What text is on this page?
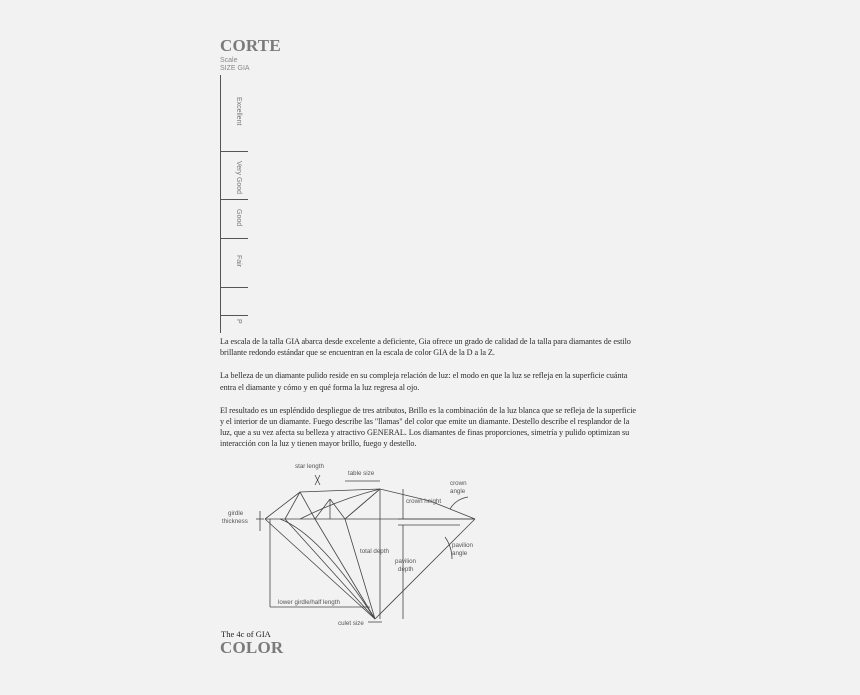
CORTE
Scale
SIZE GIA
Excellent
Very Good
Good
Fair
P

La escala de la talla GIA abarca desde excelente a deficiente, Gia ofrece un grado de calidad de la talla para diamantes de estilo brillante redondo estándar que se encuentran en la escala de color GIA de la D a la Z.

La belleza de un diamante pulido reside en su compleja relación de luz: el modo en que la luz se refleja en la superficie cuánta entra el diamante y cómo y en qué forma la luz regresa al ojo.

El resultado es un espléndido despliegue de tres atributos, Brillo es la combinación de la luz blanca que se refleja de la superficie y el interior de un diamante. Fuego describe las "llamas" del color que emite un diamante. Destello describe el resplandor de la luz, que a su vez afecta su belleza y atractivo GENERAL. Los diamantes de finas proporciones, simetría y pulido optimizan su interacción con la luz y tienen mayor brillo, fuego y destello.

star length
table size
crown
angle
crown height
girdle
thickness
total depth
pavilion
depth
pavilion
angle
lower girdle/half length
culet size
The 4c of GIA
COLOR
